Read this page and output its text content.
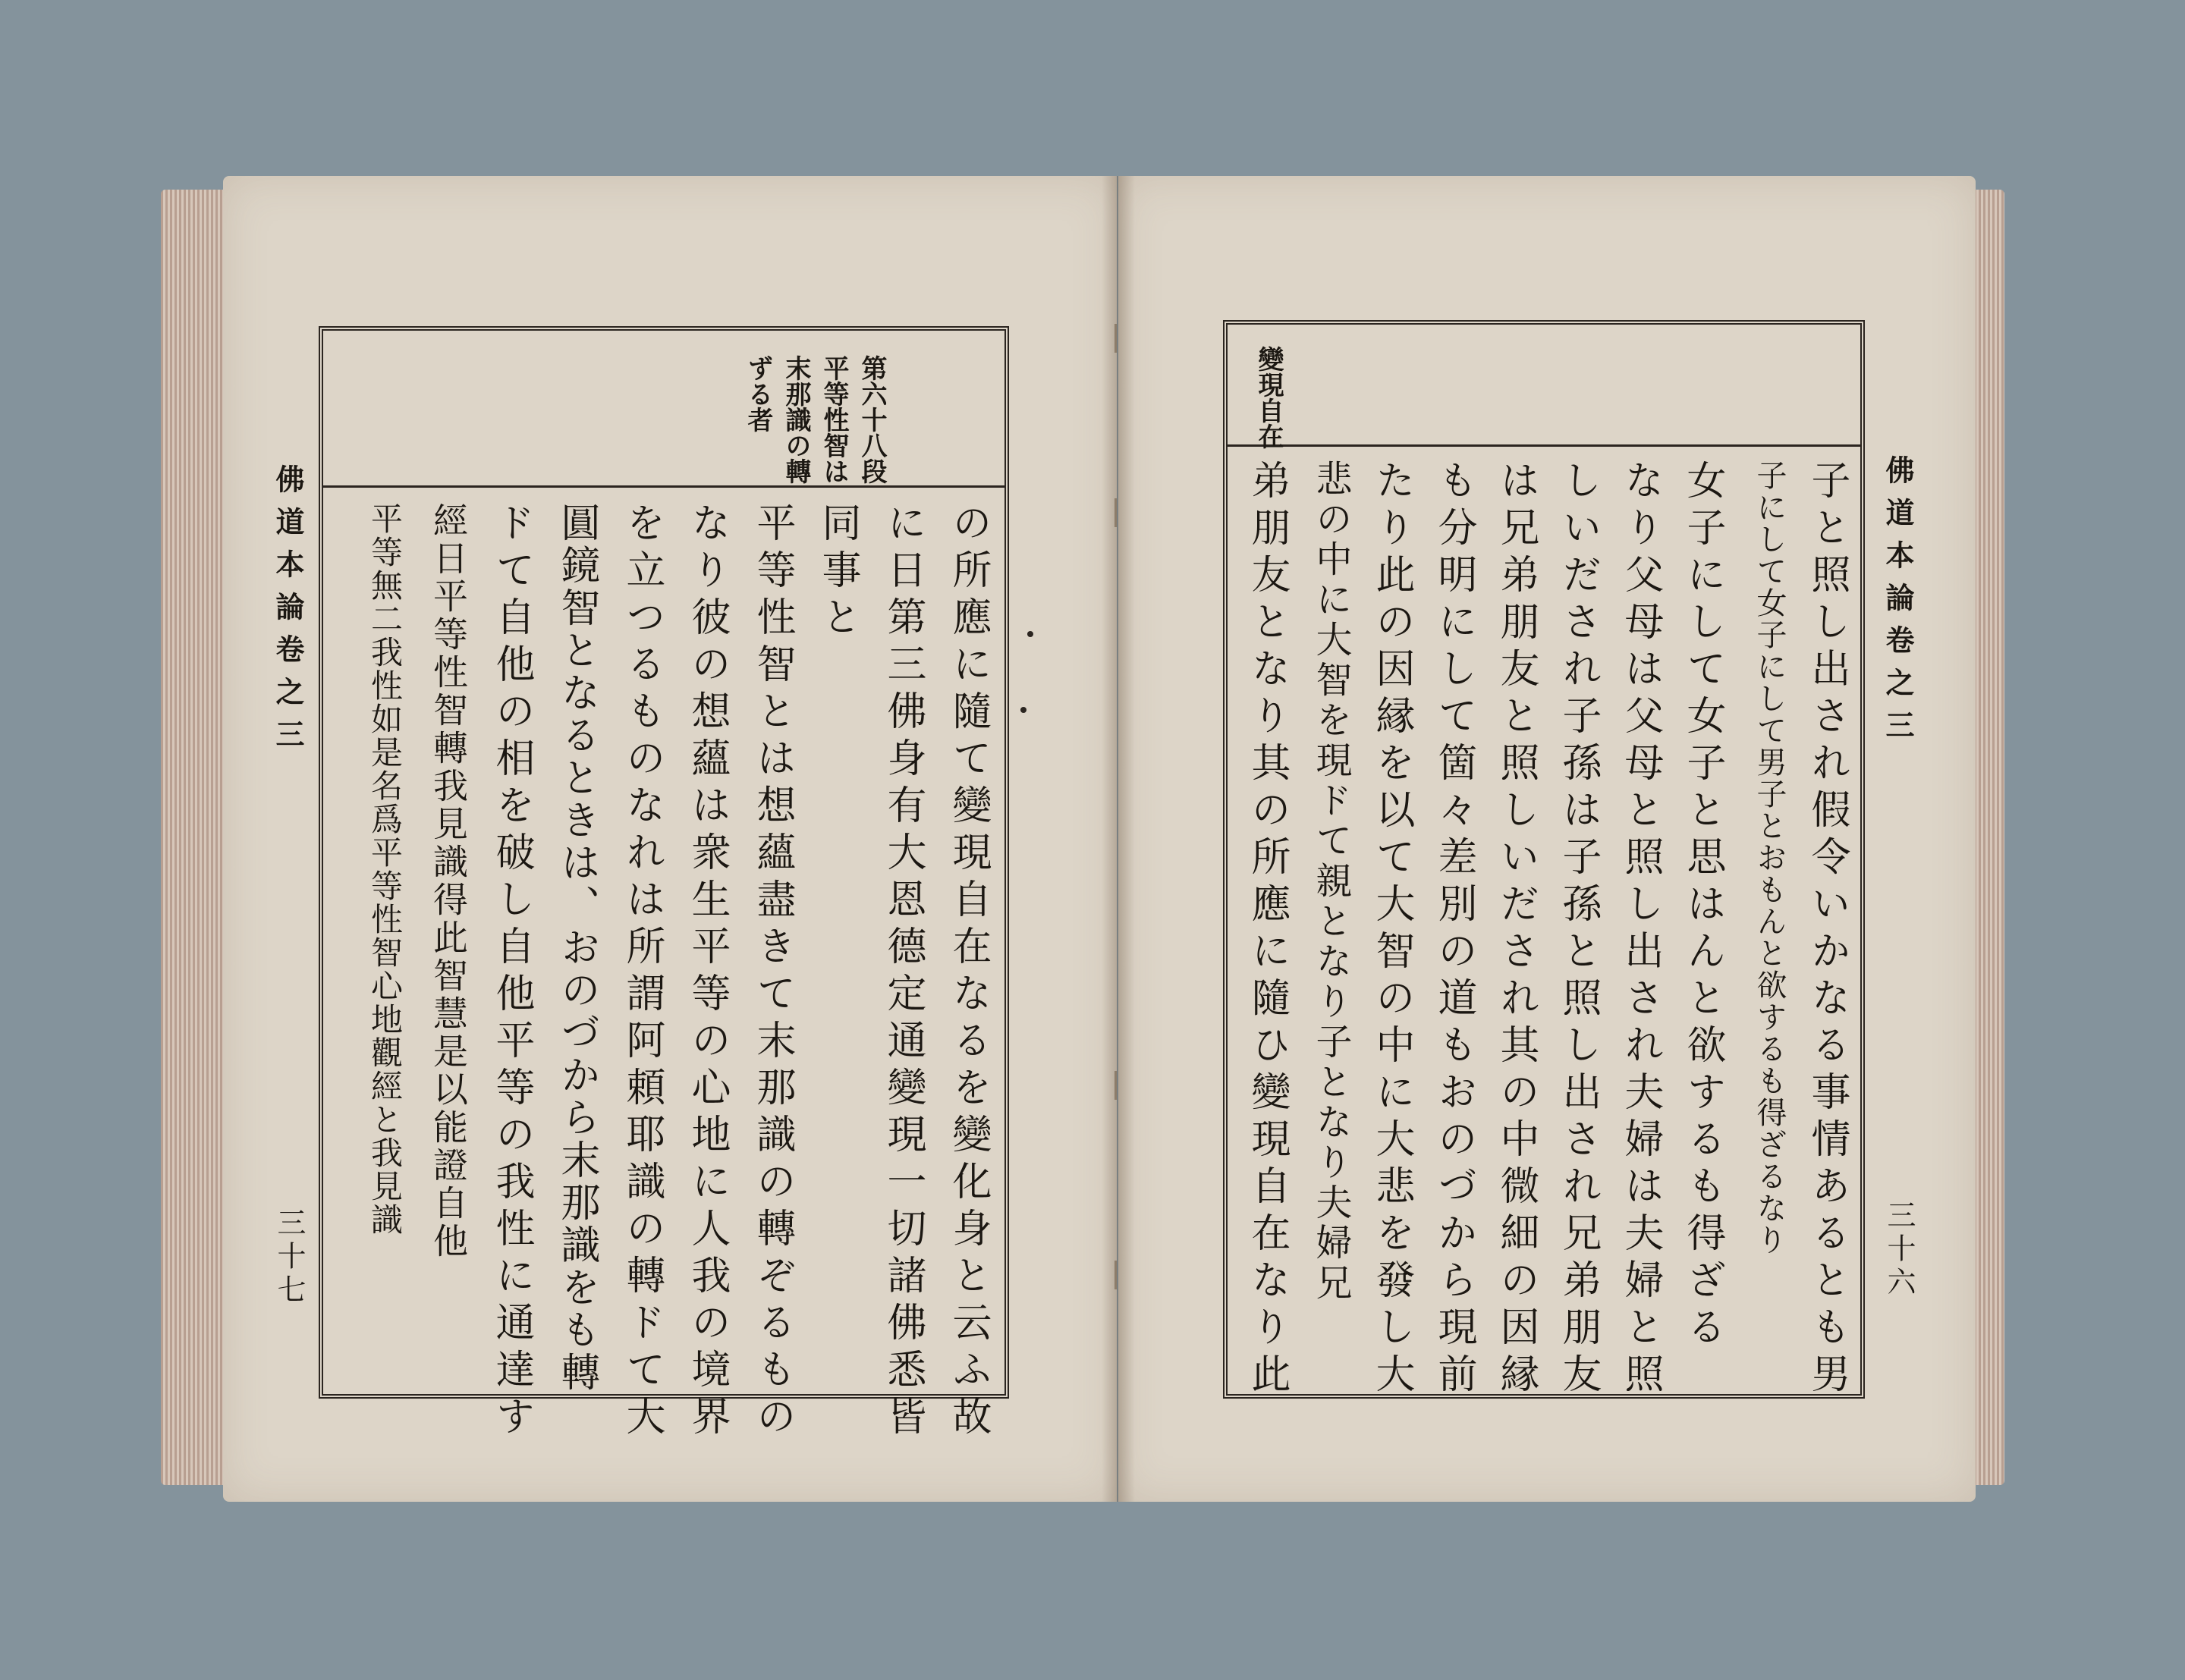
第六十八段
平等性智は
末那識の轉
ずる者
の所應に隨て變現自在なるを變化身と云ふ故
に日第三佛身有大恩德定通變現一切諸佛悉皆
同事と
平等性智とは想蘊盡きて末那識の轉ぞるもの
なり彼の想蘊は衆生平等の心地に人我の境界
を立つるものなれは所謂阿頼耶識の轉ドて大
圓鏡智となるときは、おのづから末那識をも轉
ドて自他の相を破し自他平等の我性に通達す
經日平等性智轉我見識得此智慧是以能證自他
平等無二我性如是名爲平等性智心地觀經と我見識
佛道本論卷之三
三十七
變現自在
子と照し出され假令いかなる事情あるとも男
子にして女子にして男子とおもんと欲するも得ざるなり
女子にして女子と思はんと欲するも得ざる
なり父母は父母と照し出され夫婦は夫婦と照
しいだされ子孫は子孫と照し出され兄弟朋友
は兄弟朋友と照しいだされ其の中微細の因縁
も分明にして箇々差別の道もおのづから現前
たり此の因縁を以て大智の中に大悲を發し大
悲の中に大智を現ドて親となり子となり夫婦兄
弟朋友となり其の所應に隨ひ變現自在なり此	佛道本論卷之三
三十六
